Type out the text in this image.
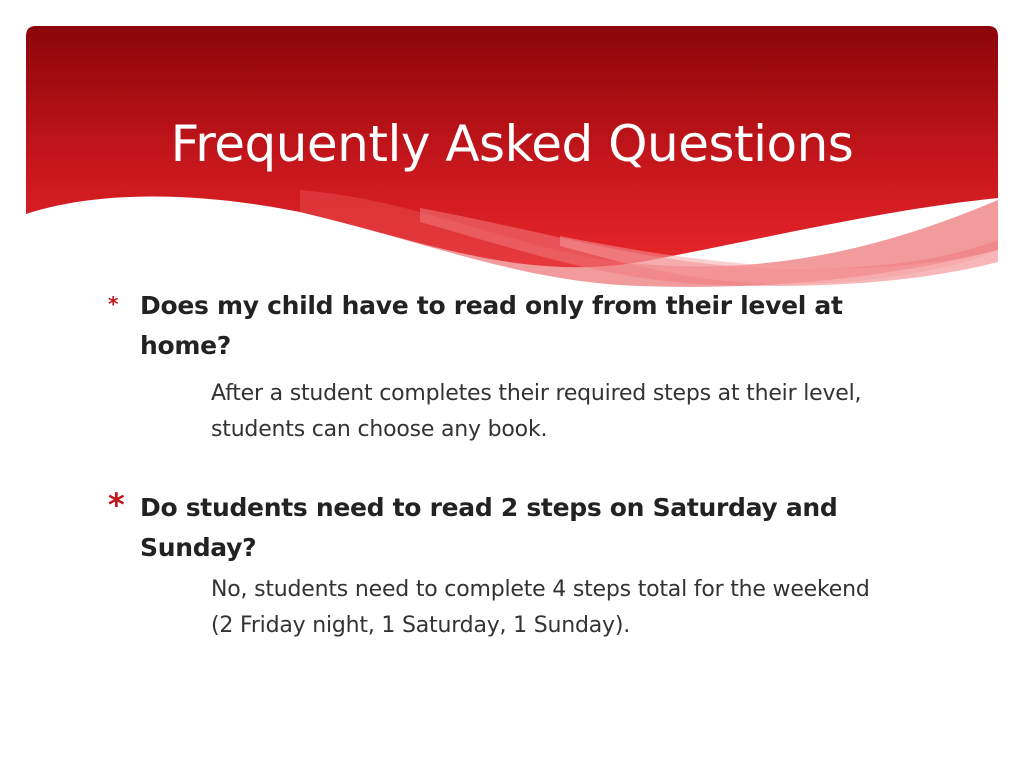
Frequently Asked Questions
* Does my child have to read only from their level at home?
After a student completes their required steps at their level, students can choose any book.
* Do students need to read 2 steps on Saturday and Sunday?
No, students need to complete 4 steps total for the weekend (2 Friday night, 1 Saturday, 1 Sunday).
